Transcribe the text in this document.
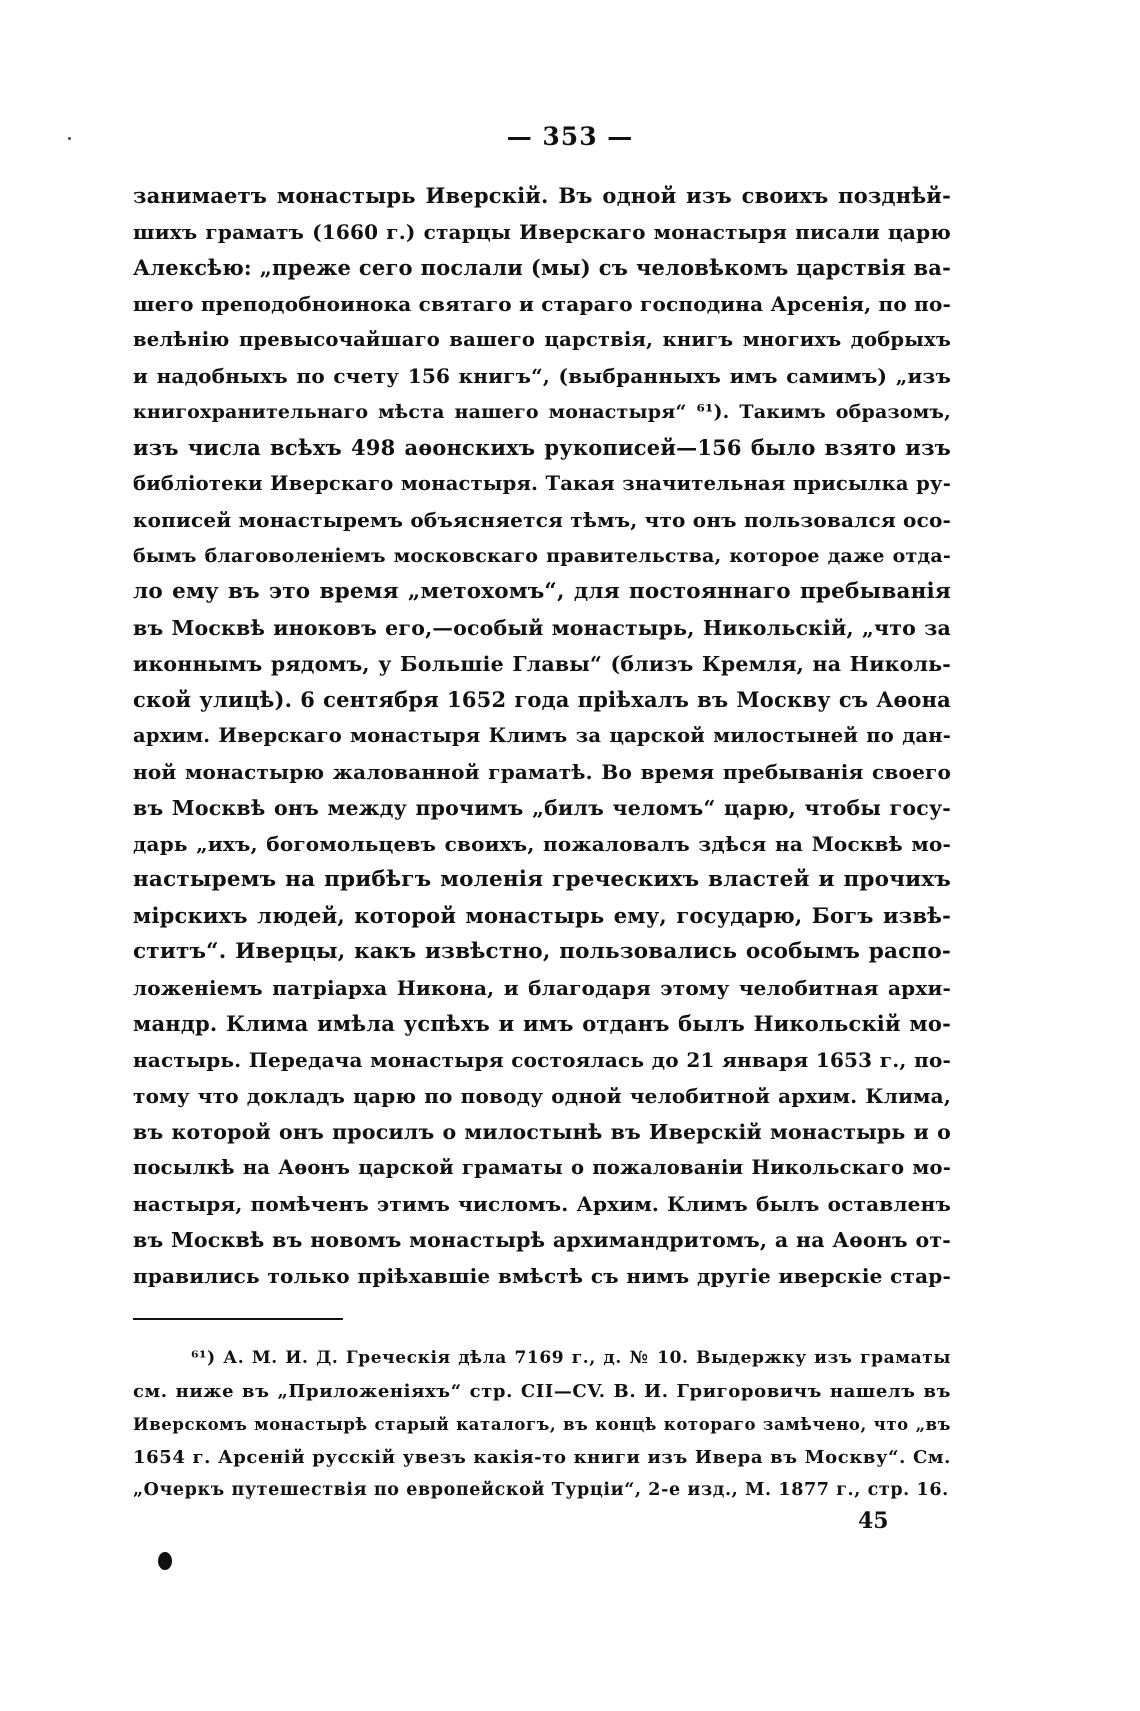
— 353 —
занимаетъ монастырь Иверскій. Въ одной изъ своихъ позднѣй-
шихъ граматъ (1660 г.) старцы Иверскаго монастыря писали царю
Алексѣю: „преже сего послали (мы) съ человѣкомъ царствія ва-
шего преподобноинока святаго и стараго господина Арсенія, по по-
велѣнію превысочайшаго вашего царствія, книгъ многихъ добрыхъ
и надобныхъ по счету 156 книгъ“, (выбранныхъ имъ самимъ) „изъ
книгохранительнаго мѣста нашего монастыря“ ⁶¹). Такимъ образомъ,
изъ числа всѣхъ 498 аѳонскихъ рукописей—156 было взято изъ
библіотеки Иверскаго монастыря. Такая значительная присылка ру-
кописей монастыремъ объясняется тѣмъ, что онъ пользовался осо-
бымъ благоволеніемъ московскаго правительства, которое даже отда-
ло ему въ это время „метохомъ“, для постояннаго пребыванія
въ Москвѣ иноковъ его,—особый монастырь, Никольскій, „что за
иконнымъ рядомъ, у Большіе Главы“ (близъ Кремля, на Николь-
ской улицѣ). 6 сентября 1652 года пріѣхалъ въ Москву съ Аѳона
архим. Иверскаго монастыря Климъ за царской милостыней по дан-
ной монастырю жалованной граматѣ. Во время пребыванія своего
въ Москвѣ онъ между прочимъ „билъ челомъ“ царю, чтобы госу-
дарь „ихъ, богомольцевъ своихъ, пожаловалъ здѣся на Москвѣ мо-
настыремъ на прибѣгъ моленія греческихъ властей и прочихъ
мірскихъ людей, которой монастырь ему, государю, Богъ извѣ-
ститъ“. Иверцы, какъ извѣстно, пользовались особымъ распо-
ложеніемъ патріарха Никона, и благодаря этому челобитная архи-
мандр. Клима имѣла успѣхъ и имъ отданъ былъ Никольскій мо-
настырь. Передача монастыря состоялась до 21 января 1653 г., по-
тому что докладъ царю по поводу одной челобитной архим. Клима,
въ которой онъ просилъ о милостынѣ въ Иверскій монастырь и о
посылкѣ на Аѳонъ царской граматы о пожалованіи Никольскаго мо-
настыря, помѣченъ этимъ числомъ. Архим. Климъ былъ оставленъ
въ Москвѣ въ новомъ монастырѣ архимандритомъ, а на Аѳонъ от-
правились только пріѣхавшіе вмѣстѣ съ нимъ другіе иверскіе стар-
⁶¹) А. М. И. Д. Греческія дѣла 7169 г., д. № 10. Выдержку изъ граматы
см. ниже въ „Приложеніяхъ“ стр. CII—CV. В. И. Григоровичъ нашелъ въ
Иверскомъ монастырѣ старый каталогъ, въ концѣ котораго замѣчено, что „въ
1654 г. Арсеній русскій увезъ какія-то книги изъ Ивера въ Москву“. См.
„Очеркъ путешествія по европейской Турціи“, 2-е изд., М. 1877 г., стр. 16.
45
